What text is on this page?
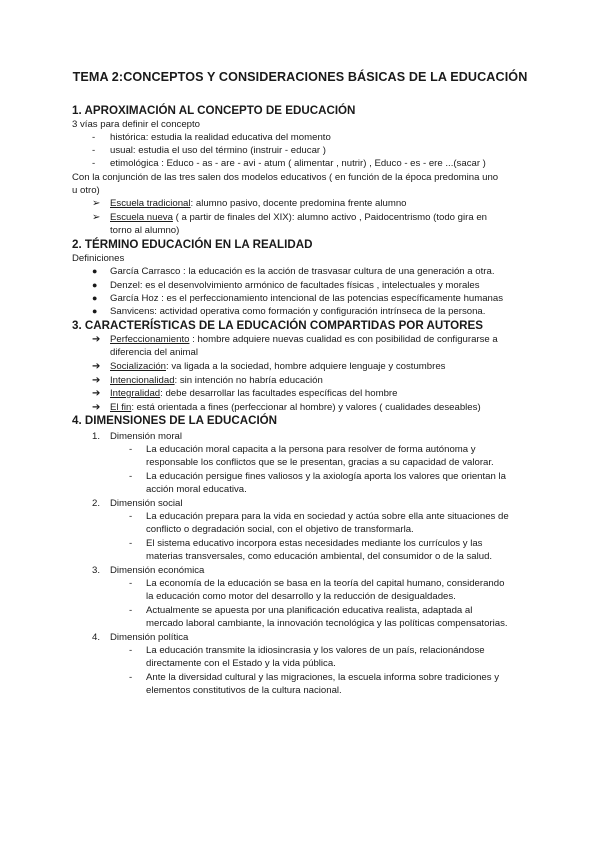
TEMA 2:CONCEPTOS Y CONSIDERACIONES BÁSICAS DE LA EDUCACIÓN
1. APROXIMACIÓN AL CONCEPTO DE EDUCACIÓN
3 vías para definir el concepto
- histórica: estudia la realidad educativa del momento
- usual: estudia el uso del término (instruir - educar )
- etimológica : Educo - as - are - avi - atum ( alimentar , nutrir) , Educo - es - ere ...(sacar )
Con la conjunción de las tres salen dos modelos educativos ( en función de la época predomina uno
u otro)
➢ Escuela tradicional: alumno pasivo, docente predomina frente alumno
➢ Escuela nueva ( a partir de finales del XIX): alumno activo , Paidocentrismo (todo gira en
torno al alumno)
2. TÉRMINO EDUCACIÓN EN LA REALIDAD
Definiciones
● García Carrasco : la educación es la acción de trasvasar cultura de una generación a otra.
● Denzel: es el desenvolvimiento armónico de facultades físicas , intelectuales y morales
● García Hoz : es el perfeccionamiento intencional de las potencias específicamente humanas
● Sanvicens: actividad operativa como formación y configuración intrínseca de la persona.
3. CARACTERÍSTICAS DE LA EDUCACIÓN COMPARTIDAS POR AUTORES
➔ Perfeccionamiento : hombre adquiere nuevas cualidad es con posibilidad de configurarse a
diferencia del animal
➔ Socialización: va ligada a la sociedad, hombre adquiere lenguaje y costumbres
➔ Intencionalidad: sin intención no habría educación
➔ Integralidad: debe desarrollar las facultades específicas del hombre
➔ El fin: está orientada a fines (perfeccionar al hombre) y valores ( cualidades deseables)
4. DIMENSIONES DE LA EDUCACIÓN
1. Dimensión moral
- La educación moral capacita a la persona para resolver de forma autónoma y
responsable los conflictos que se le presentan, gracias a su capacidad de valorar.
- La educación persigue fines valiosos y la axiología aporta los valores que orientan la
acción moral educativa.
2. Dimensión social
- La educación prepara para la vida en sociedad y actúa sobre ella ante situaciones de
conflicto o degradación social, con el objetivo de transformarla.
- El sistema educativo incorpora estas necesidades mediante los currículos y las
materias transversales, como educación ambiental, del consumidor o de la salud.
3. Dimensión económica
- La economía de la educación se basa en la teoría del capital humano, considerando
la educación como motor del desarrollo y la reducción de desigualdades.
- Actualmente se apuesta por una planificación educativa realista, adaptada al
mercado laboral cambiante, la innovación tecnológica y las políticas compensatorias.
4. Dimensión política
- La educación transmite la idiosincrasia y los valores de un país, relacionándose
directamente con el Estado y la vida pública.
- Ante la diversidad cultural y las migraciones, la escuela informa sobre tradiciones y
elementos constitutivos de la cultura nacional.
